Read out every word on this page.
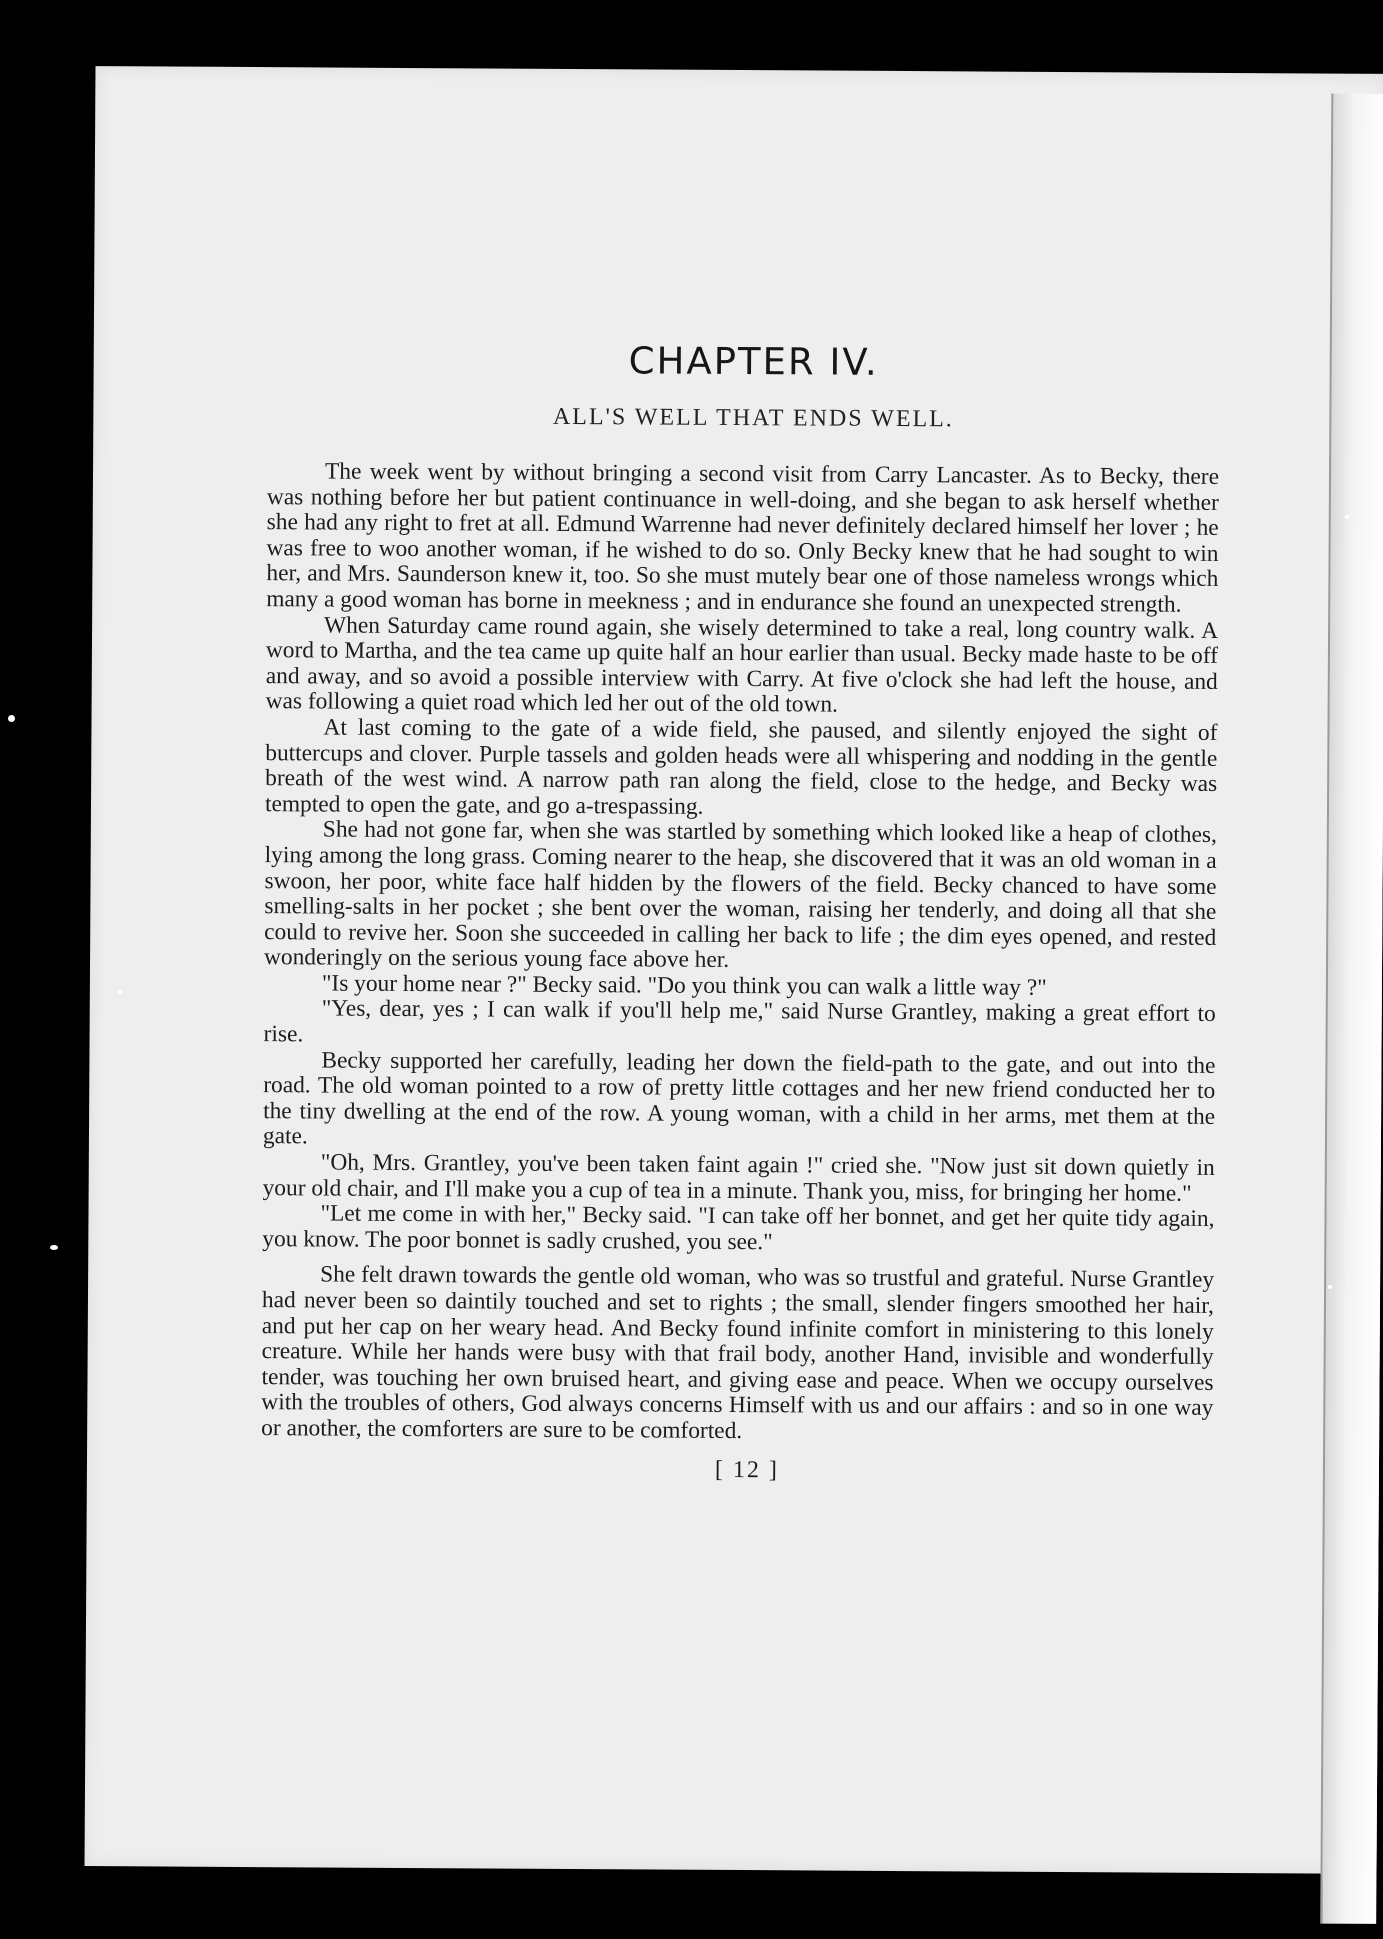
CHAPTER IV.
ALL'S WELL THAT ENDS WELL.

The week went by without bringing a second visit from Carry Lancaster. As to Becky, there was nothing before her but patient continuance in well-doing, and she began to ask herself whether she had any right to fret at all. Edmund Warrenne had never definitely declared himself her lover ; he was free to woo another woman, if he wished to do so. Only Becky knew that he had sought to win her, and Mrs. Saunderson knew it, too. So she must mutely bear one of those nameless wrongs which many a good woman has borne in meekness ; and in endurance she found an unexpected strength.

When Saturday came round again, she wisely determined to take a real, long country walk. A word to Martha, and the tea came up quite half an hour earlier than usual. Becky made haste to be off and away, and so avoid a possible interview with Carry. At five o'clock she had left the house, and was following a quiet road which led her out of the old town.

At last coming to the gate of a wide field, she paused, and silently enjoyed the sight of buttercups and clover. Purple tassels and golden heads were all whispering and nodding in the gentle breath of the west wind. A narrow path ran along the field, close to the hedge, and Becky was tempted to open the gate, and go a-trespassing.

She had not gone far, when she was startled by something which looked like a heap of clothes, lying among the long grass. Coming nearer to the heap, she discovered that it was an old woman in a swoon, her poor, white face half hidden by the flowers of the field. Becky chanced to have some smelling-salts in her pocket ; she bent over the woman, raising her tenderly, and doing all that she could to revive her. Soon she succeeded in calling her back to life ; the dim eyes opened, and rested wonderingly on the serious young face above her.

"Is your home near ?" Becky said. "Do you think you can walk a little way ?"

"Yes, dear, yes ; I can walk if you'll help me," said Nurse Grantley, making a great effort to rise.

Becky supported her carefully, leading her down the field-path to the gate, and out into the road. The old woman pointed to a row of pretty little cottages and her new friend conducted her to the tiny dwelling at the end of the row. A young woman, with a child in her arms, met them at the gate.

"Oh, Mrs. Grantley, you've been taken faint again !" cried she. "Now just sit down quietly in your old chair, and I'll make you a cup of tea in a minute. Thank you, miss, for bringing her home."

"Let me come in with her," Becky said. "I can take off her bonnet, and get her quite tidy again, you know. The poor bonnet is sadly crushed, you see."

She felt drawn towards the gentle old woman, who was so trustful and grateful. Nurse Grantley had never been so daintily touched and set to rights ; the small, slender fingers smoothed her hair, and put her cap on her weary head. And Becky found infinite comfort in ministering to this lonely creature. While her hands were busy with that frail body, another Hand, invisible and wonderfully tender, was touching her own bruised heart, and giving ease and peace. When we occupy ourselves with the troubles of others, God always concerns Himself with us and our affairs : and so in one way or another, the comforters are sure to be comforted.

[ 12 ]
